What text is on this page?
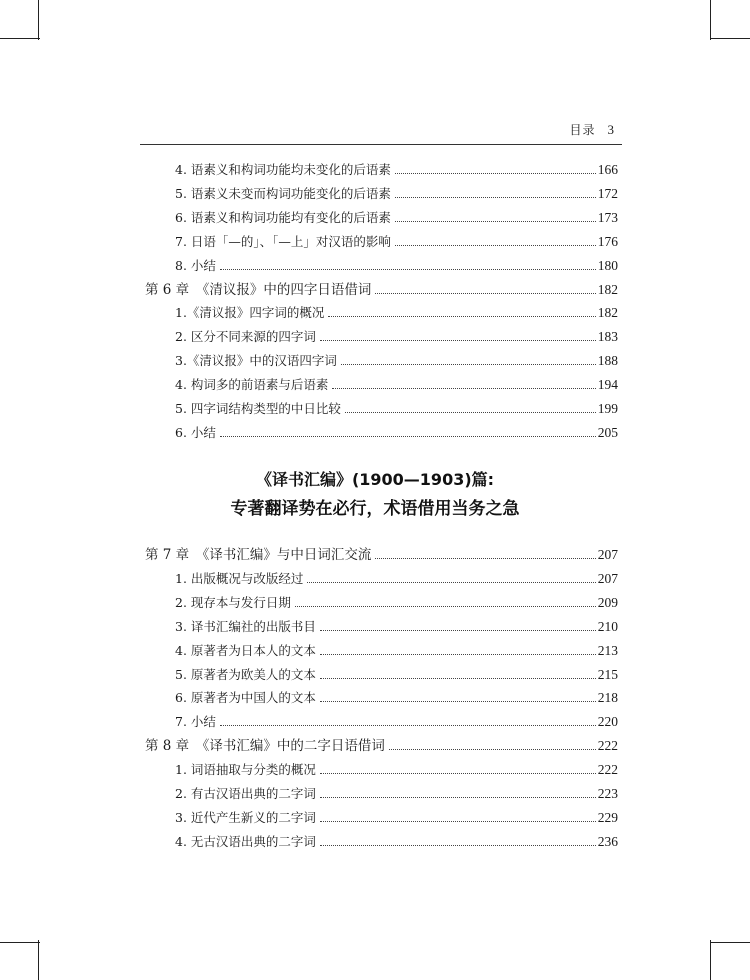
目录 3
4. 语素义和构词功能均未变化的后语素	166
5. 语素义未变而构词功能变化的后语素	172
6. 语素义和构词功能均有变化的后语素	173
7. 日语「—的」、「—上」对汉语的影响	176
8. 小结	180
第 6 章　《清议报》中的四字日语借词	182
1.《清议报》四字词的概况	182
2. 区分不同来源的四字词	183
3.《清议报》中的汉语四字词	188
4. 构词多的前语素与后语素	194
5. 四字词结构类型的中日比较	199
6. 小结	205
《译书汇编》(1900—1903)篇:
专著翻译势在必行，术语借用当务之急
第 7 章　《译书汇编》与中日词汇交流	207
1. 出版概况与改版经过	207
2. 现存本与发行日期	209
3. 译书汇编社的出版书目	210
4. 原著者为日本人的文本	213
5. 原著者为欧美人的文本	215
6. 原著者为中国人的文本	218
7. 小结	220
第 8 章　《译书汇编》中的二字日语借词	222
1. 词语抽取与分类的概况	222
2. 有古汉语出典的二字词	223
3. 近代产生新义的二字词	229
4. 无古汉语出典的二字词	236
